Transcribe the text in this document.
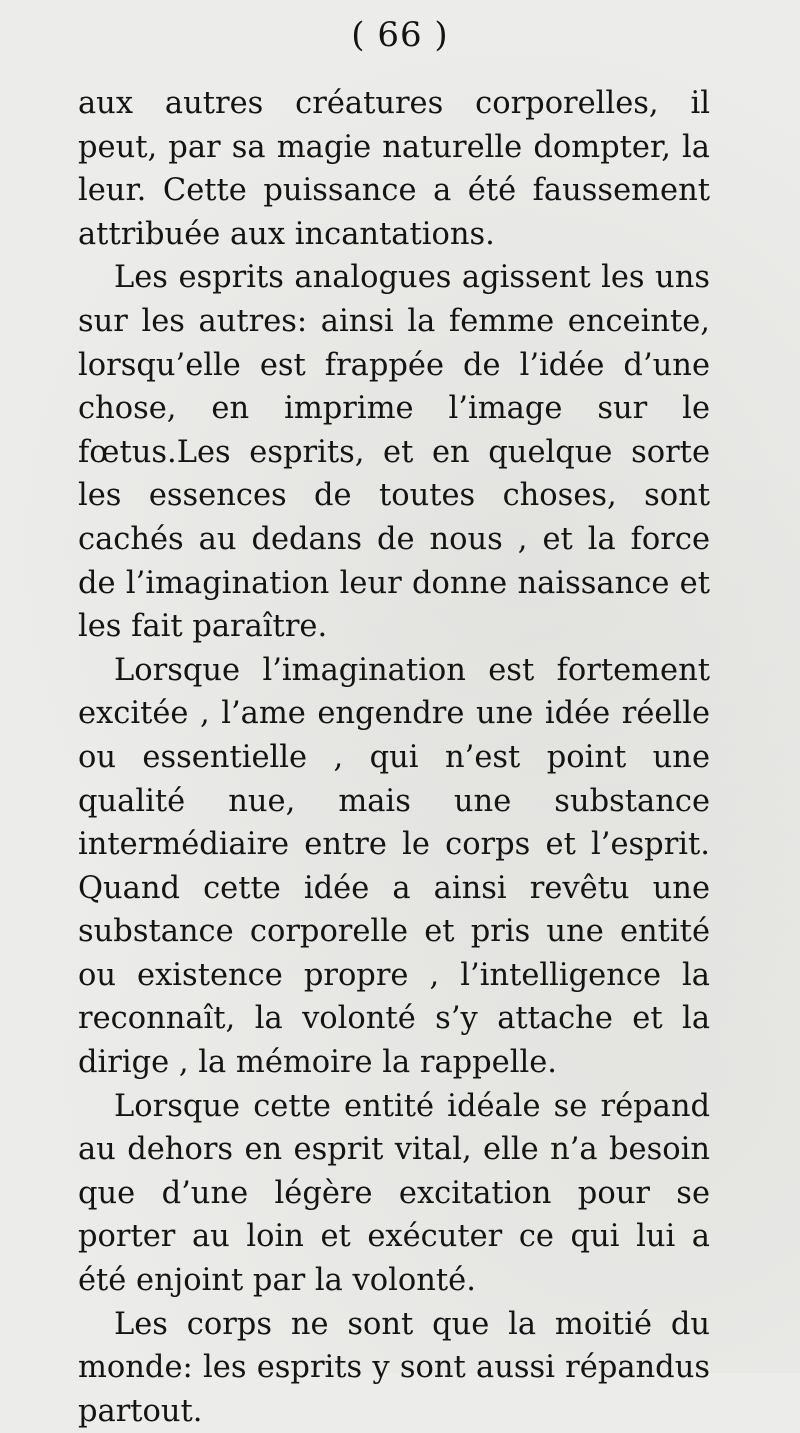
( 66 )

aux autres créatures corporelles, il peut, par sa magie naturelle dompter, la leur. Cette puissance a été faussement attribuée aux incantations.

Les esprits analogues agissent les uns sur les autres: ainsi la femme enceinte, lorsqu’elle est frappée de l’idée d’une chose, en imprime l’image sur le fœtus.Les esprits, et en quelque sorte les essences de toutes choses, sont cachés au dedans de nous , et la force de l’imagination leur donne naissance et les fait paraître.

Lorsque l’imagination est fortement excitée , l’ame engendre une idée réelle ou essentielle , qui n’est point une qualité nue, mais une substance intermédiaire entre le corps et l’esprit. Quand cette idée a ainsi revêtu une substance corporelle et pris une entité ou existence propre , l’intelligence la reconnaît, la volonté s’y attache et la dirige , la mémoire la rappelle.

Lorsque cette entité idéale se répand au dehors en esprit vital, elle n’a besoin que d’une légère excitation pour se porter au loin et exécuter ce qui lui a été enjoint par la volonté.

Les corps ne sont que la moitié du monde: les esprits y sont aussi répandus partout.
